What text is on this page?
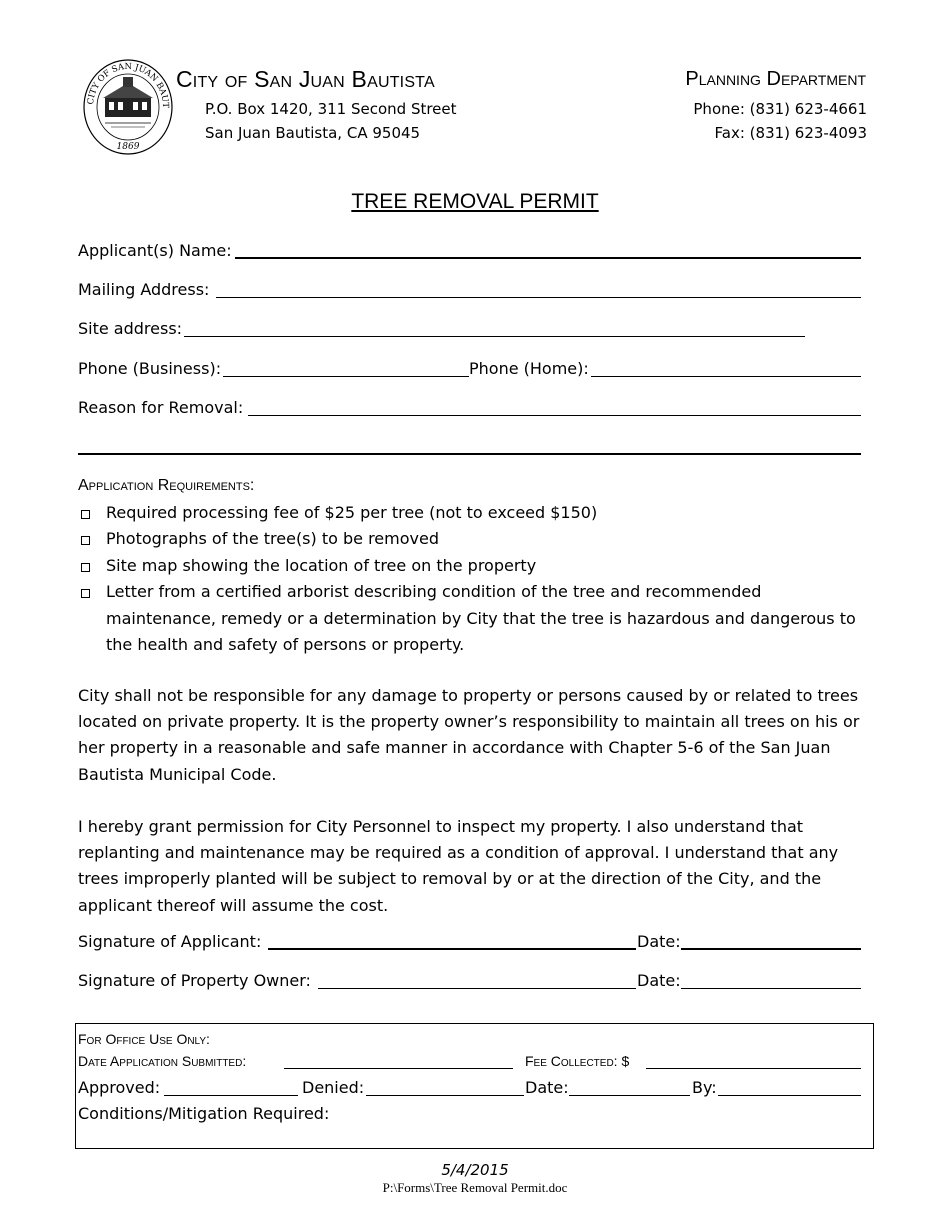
CITY OF SAN JUAN BAUT
1869
City of San Juan Bautista
P.O. Box 1420, 311 Second Street
San Juan Bautista, CA 95045
Planning Department
Phone: (831) 623-4661
Fax: (831) 623-4093
TREE REMOVAL PERMIT
Applicant(s) Name:
Mailing Address:
Site address:
Phone (Business):	Phone (Home):
Reason for Removal:
Application Requirements:
Required processing fee of $25 per tree (not to exceed $150)
Photographs of the tree(s) to be removed
Site map showing the location of tree on the property
Letter from a certified arborist describing condition of the tree and recommended maintenance, remedy or a determination by City that the tree is hazardous and dangerous to the health and safety of persons or property.
City shall not be responsible for any damage to property or persons caused by or related to trees located on private property. It is the property owner’s responsibility to maintain all trees on his or her property in a reasonable and safe manner in accordance with Chapter 5-6 of the San Juan Bautista Municipal Code.
I hereby grant permission for City Personnel to inspect my property. I also understand that replanting and maintenance may be required as a condition of approval. I understand that any trees improperly planted will be subject to removal by or at the direction of the City, and the applicant thereof will assume the cost.
Signature of Applicant:	Date:
Signature of Property Owner:	Date:
For Office Use Only:
Date Application Submitted:	Fee Collected: $
Approved:	Denied:	Date:	By:
Conditions/Mitigation Required:
5/4/2015
P:\Forms\Tree Removal Permit.doc
